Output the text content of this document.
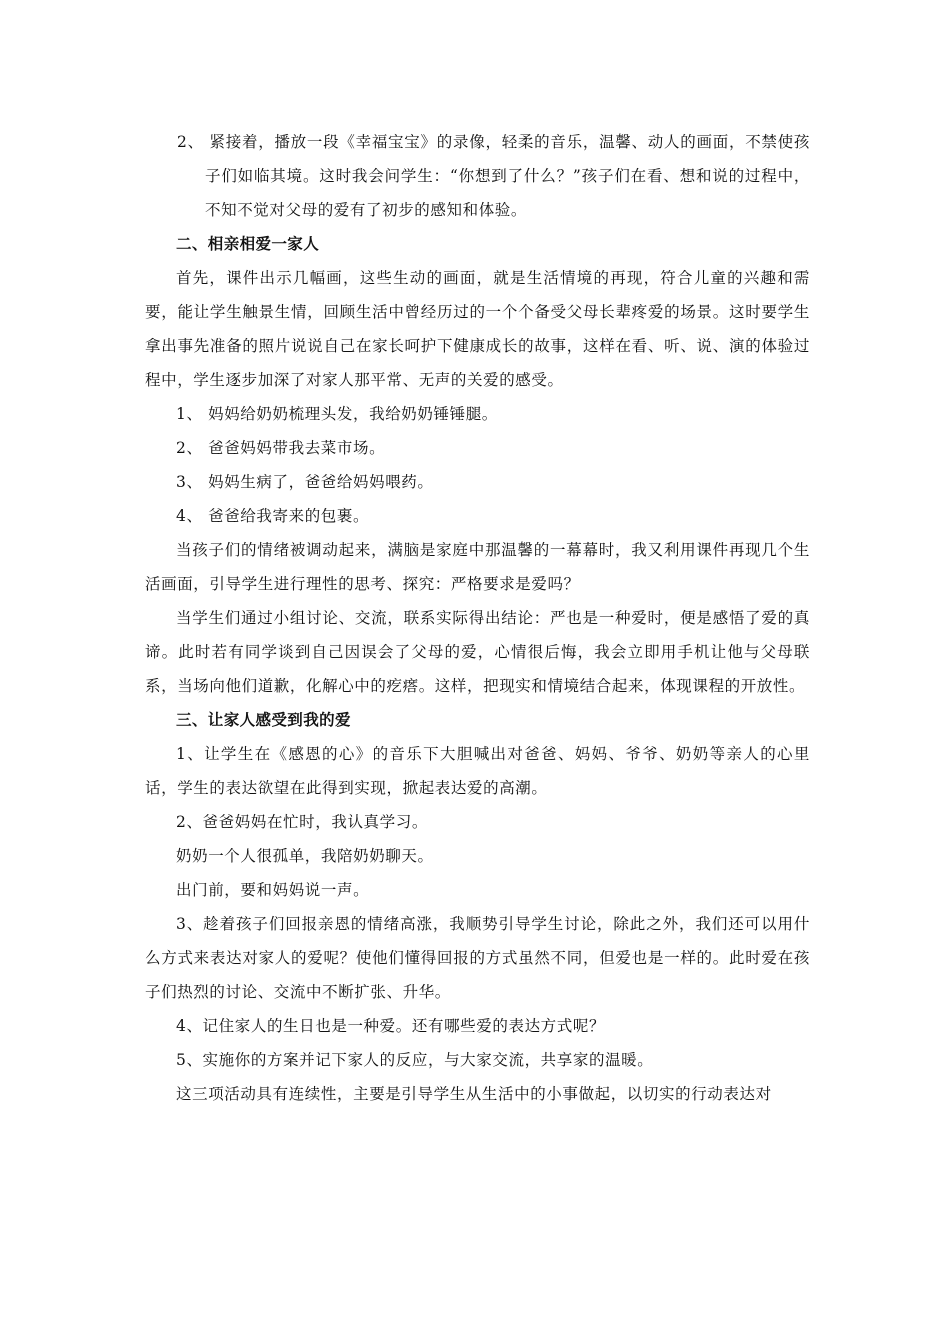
2、 紧接着，播放一段《幸福宝宝》的录像，轻柔的音乐，温馨、动人的画面，不禁使孩子们如临其境。这时我会问学生：“你想到了什么？”孩子们在看、想和说的过程中，不知不觉对父母的爱有了初步的感知和体验。

二、相亲相爱一家人

首先，课件出示几幅画，这些生动的画面，就是生活情境的再现，符合儿童的兴趣和需要，能让学生触景生情，回顾生活中曾经历过的一个个备受父母长辈疼爱的场景。这时要学生拿出事先准备的照片说说自己在家长呵护下健康成长的故事，这样在看、听、说、演的体验过程中，学生逐步加深了对家人那平常、无声的关爱的感受。

1、 妈妈给奶奶梳理头发，我给奶奶锤锤腿。

2、 爸爸妈妈带我去菜市场。

3、 妈妈生病了，爸爸给妈妈喂药。

4、 爸爸给我寄来的包裹。

当孩子们的情绪被调动起来，满脑是家庭中那温馨的一幕幕时，我又利用课件再现几个生活画面，引导学生进行理性的思考、探究：严格要求是爱吗？

当学生们通过小组讨论、交流，联系实际得出结论：严也是一种爱时，便是感悟了爱的真谛。此时若有同学谈到自己因误会了父母的爱，心情很后悔，我会立即用手机让他与父母联系，当场向他们道歉，化解心中的疙瘩。这样，把现实和情境结合起来，体现课程的开放性。

三、让家人感受到我的爱

1、让学生在《感恩的心》的音乐下大胆喊出对爸爸、妈妈、爷爷、奶奶等亲人的心里话，学生的表达欲望在此得到实现，掀起表达爱的高潮。

2、爸爸妈妈在忙时，我认真学习。

奶奶一个人很孤单，我陪奶奶聊天。

出门前，要和妈妈说一声。

3、趁着孩子们回报亲恩的情绪高涨，我顺势引导学生讨论，除此之外，我们还可以用什么方式来表达对家人的爱呢？使他们懂得回报的方式虽然不同，但爱也是一样的。此时爱在孩子们热烈的讨论、交流中不断扩张、升华。

4、记住家人的生日也是一种爱。还有哪些爱的表达方式呢？

5、实施你的方案并记下家人的反应，与大家交流，共享家的温暖。

这三项活动具有连续性，主要是引导学生从生活中的小事做起，以切实的行动表达对
